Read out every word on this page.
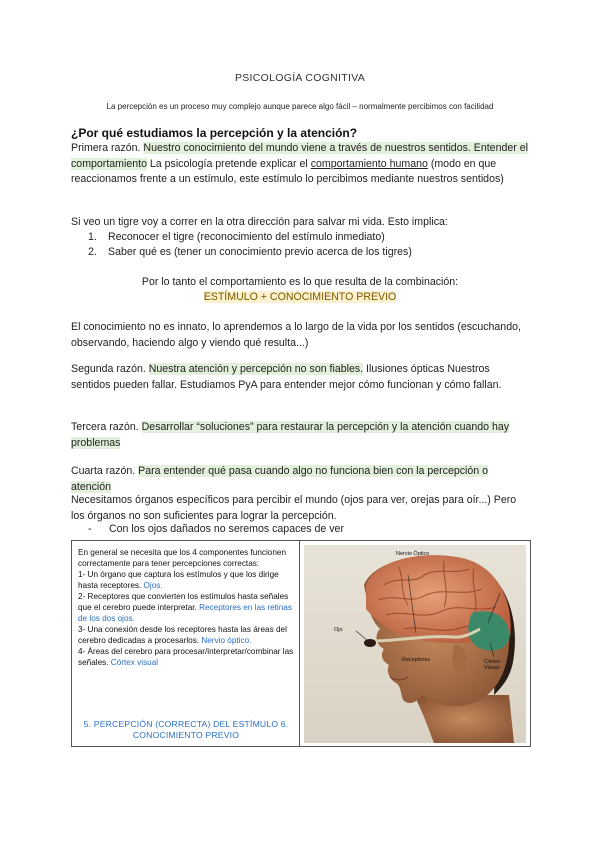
PSICOLOGÍA COGNITIVA
La percepción es un proceso muy complejo aunque parece algo fácil – normalmente percibimos con facilidad
¿Por qué estudiamos la percepción y la atención?
Primera razón. Nuestro conocimiento del mundo viene a través de nuestros sentidos. Entender el comportamiento La psicología pretende explicar el comportamiento humano (modo en que reaccionamos frente a un estímulo, este estímulo lo percibimos mediante nuestros sentidos)
Si veo un tigre voy a correr en la otra dirección para salvar mi vida. Esto implica:
1. Reconocer el tigre (reconocimiento del estímulo inmediato)
2. Saber qué es (tener un conocimiento previo acerca de los tigres)
Por lo tanto el comportamiento es lo que resulta de la combinación:
ESTÍMULO + CONOCIMIENTO PREVIO
El conocimiento no es innato, lo aprendemos a lo largo de la vida por los sentidos (escuchando, observando, haciendo algo y viendo qué resulta...)
Segunda razón. Nuestra atención y percepción no son fiables. Ilusiones ópticas Nuestros sentidos pueden fallar. Estudiamos PyA para entender mejor cómo funcionan y cómo fallan.
Tercera razón. Desarrollar “soluciones” para restaurar la percepción y la atención cuando hay problemas
Cuarta razón. Para entender qué pasa cuando algo no funciona bien con la percepción o atención
Necesitamos órganos específicos para percibir el mundo (ojos para ver, orejas para oír...) Pero los órganos no son suficientes para lograr la percepción.
- Con los ojos dañados no seremos capaces de ver
En general se necesita que los 4 componentes funcionen correctamente para tener percepciones correctas:
1- Un órgano que captura los estímulos y que los dirige hasta receptores. Ojos.
2- Receptores que convierten los estímulos hasta señales que el cerebro puede interpretar. Receptores en las retinas de los dos ojos.
3- Una conexión desde los receptores hasta las áreas del cerebro dedicadas a procesarlos. Nervio óptico.
4- Áreas del cerebro para procesar/interpretar/combinar las señales. Córtex visual
5. PERCEPCIÓN (CORRECTA) DEL ESTÍMULO 6. CONOCIMIENTO PREVIO
Nervio Óptico
Ojo
Receptores	Córtex Visual
